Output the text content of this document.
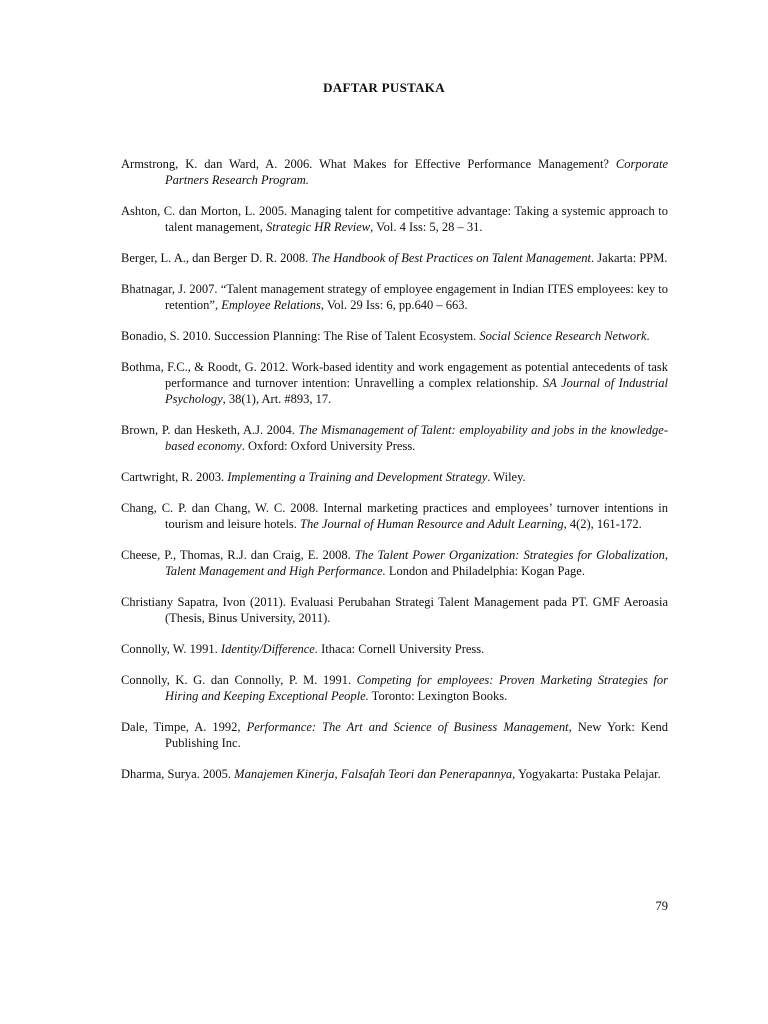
DAFTAR PUSTAKA

Armstrong, K. dan Ward, A. 2006. What Makes for Effective Performance Management? Corporate Partners Research Program.

Ashton, C. dan Morton, L. 2005. Managing talent for competitive advantage: Taking a systemic approach to talent management, Strategic HR Review, Vol. 4 Iss: 5, 28 – 31.

Berger, L. A., dan Berger D. R. 2008. The Handbook of Best Practices on Talent Management. Jakarta: PPM.

Bhatnagar, J. 2007. “Talent management strategy of employee engagement in Indian ITES employees: key to retention”, Employee Relations, Vol. 29 Iss: 6, pp.640 – 663.

Bonadio, S. 2010. Succession Planning: The Rise of Talent Ecosystem. Social Science Research Network.

Bothma, F.C., & Roodt, G. 2012. Work-based identity and work engagement as potential antecedents of task performance and turnover intention: Unravelling a complex relationship. SA Journal of Industrial Psychology, 38(1), Art. #893, 17.

Brown, P. dan Hesketh, A.J. 2004. The Mismanagement of Talent: employability and jobs in the knowledge-based economy. Oxford: Oxford University Press.

Cartwright, R. 2003. Implementing a Training and Development Strategy. Wiley.

Chang, C. P. dan Chang, W. C. 2008. Internal marketing practices and employees’ turnover intentions in tourism and leisure hotels. The Journal of Human Resource and Adult Learning, 4(2), 161-172.

Cheese, P., Thomas, R.J. dan Craig, E. 2008. The Talent Power Organization: Strategies for Globalization, Talent Management and High Performance. London and Philadelphia: Kogan Page.

Christiany Sapatra, Ivon (2011). Evaluasi Perubahan Strategi Talent Management pada PT. GMF Aeroasia (Thesis, Binus University, 2011).

Connolly, W. 1991. Identity/Difference. Ithaca: Cornell University Press.

Connolly, K. G. dan Connolly, P. M. 1991. Competing for employees: Proven Marketing Strategies for Hiring and Keeping Exceptional People. Toronto: Lexington Books.

Dale, Timpe, A. 1992, Performance: The Art and Science of Business Management, New York: Kend Publishing Inc.

Dharma, Surya. 2005. Manajemen Kinerja, Falsafah Teori dan Penerapannya, Yogyakarta: Pustaka Pelajar.

79
